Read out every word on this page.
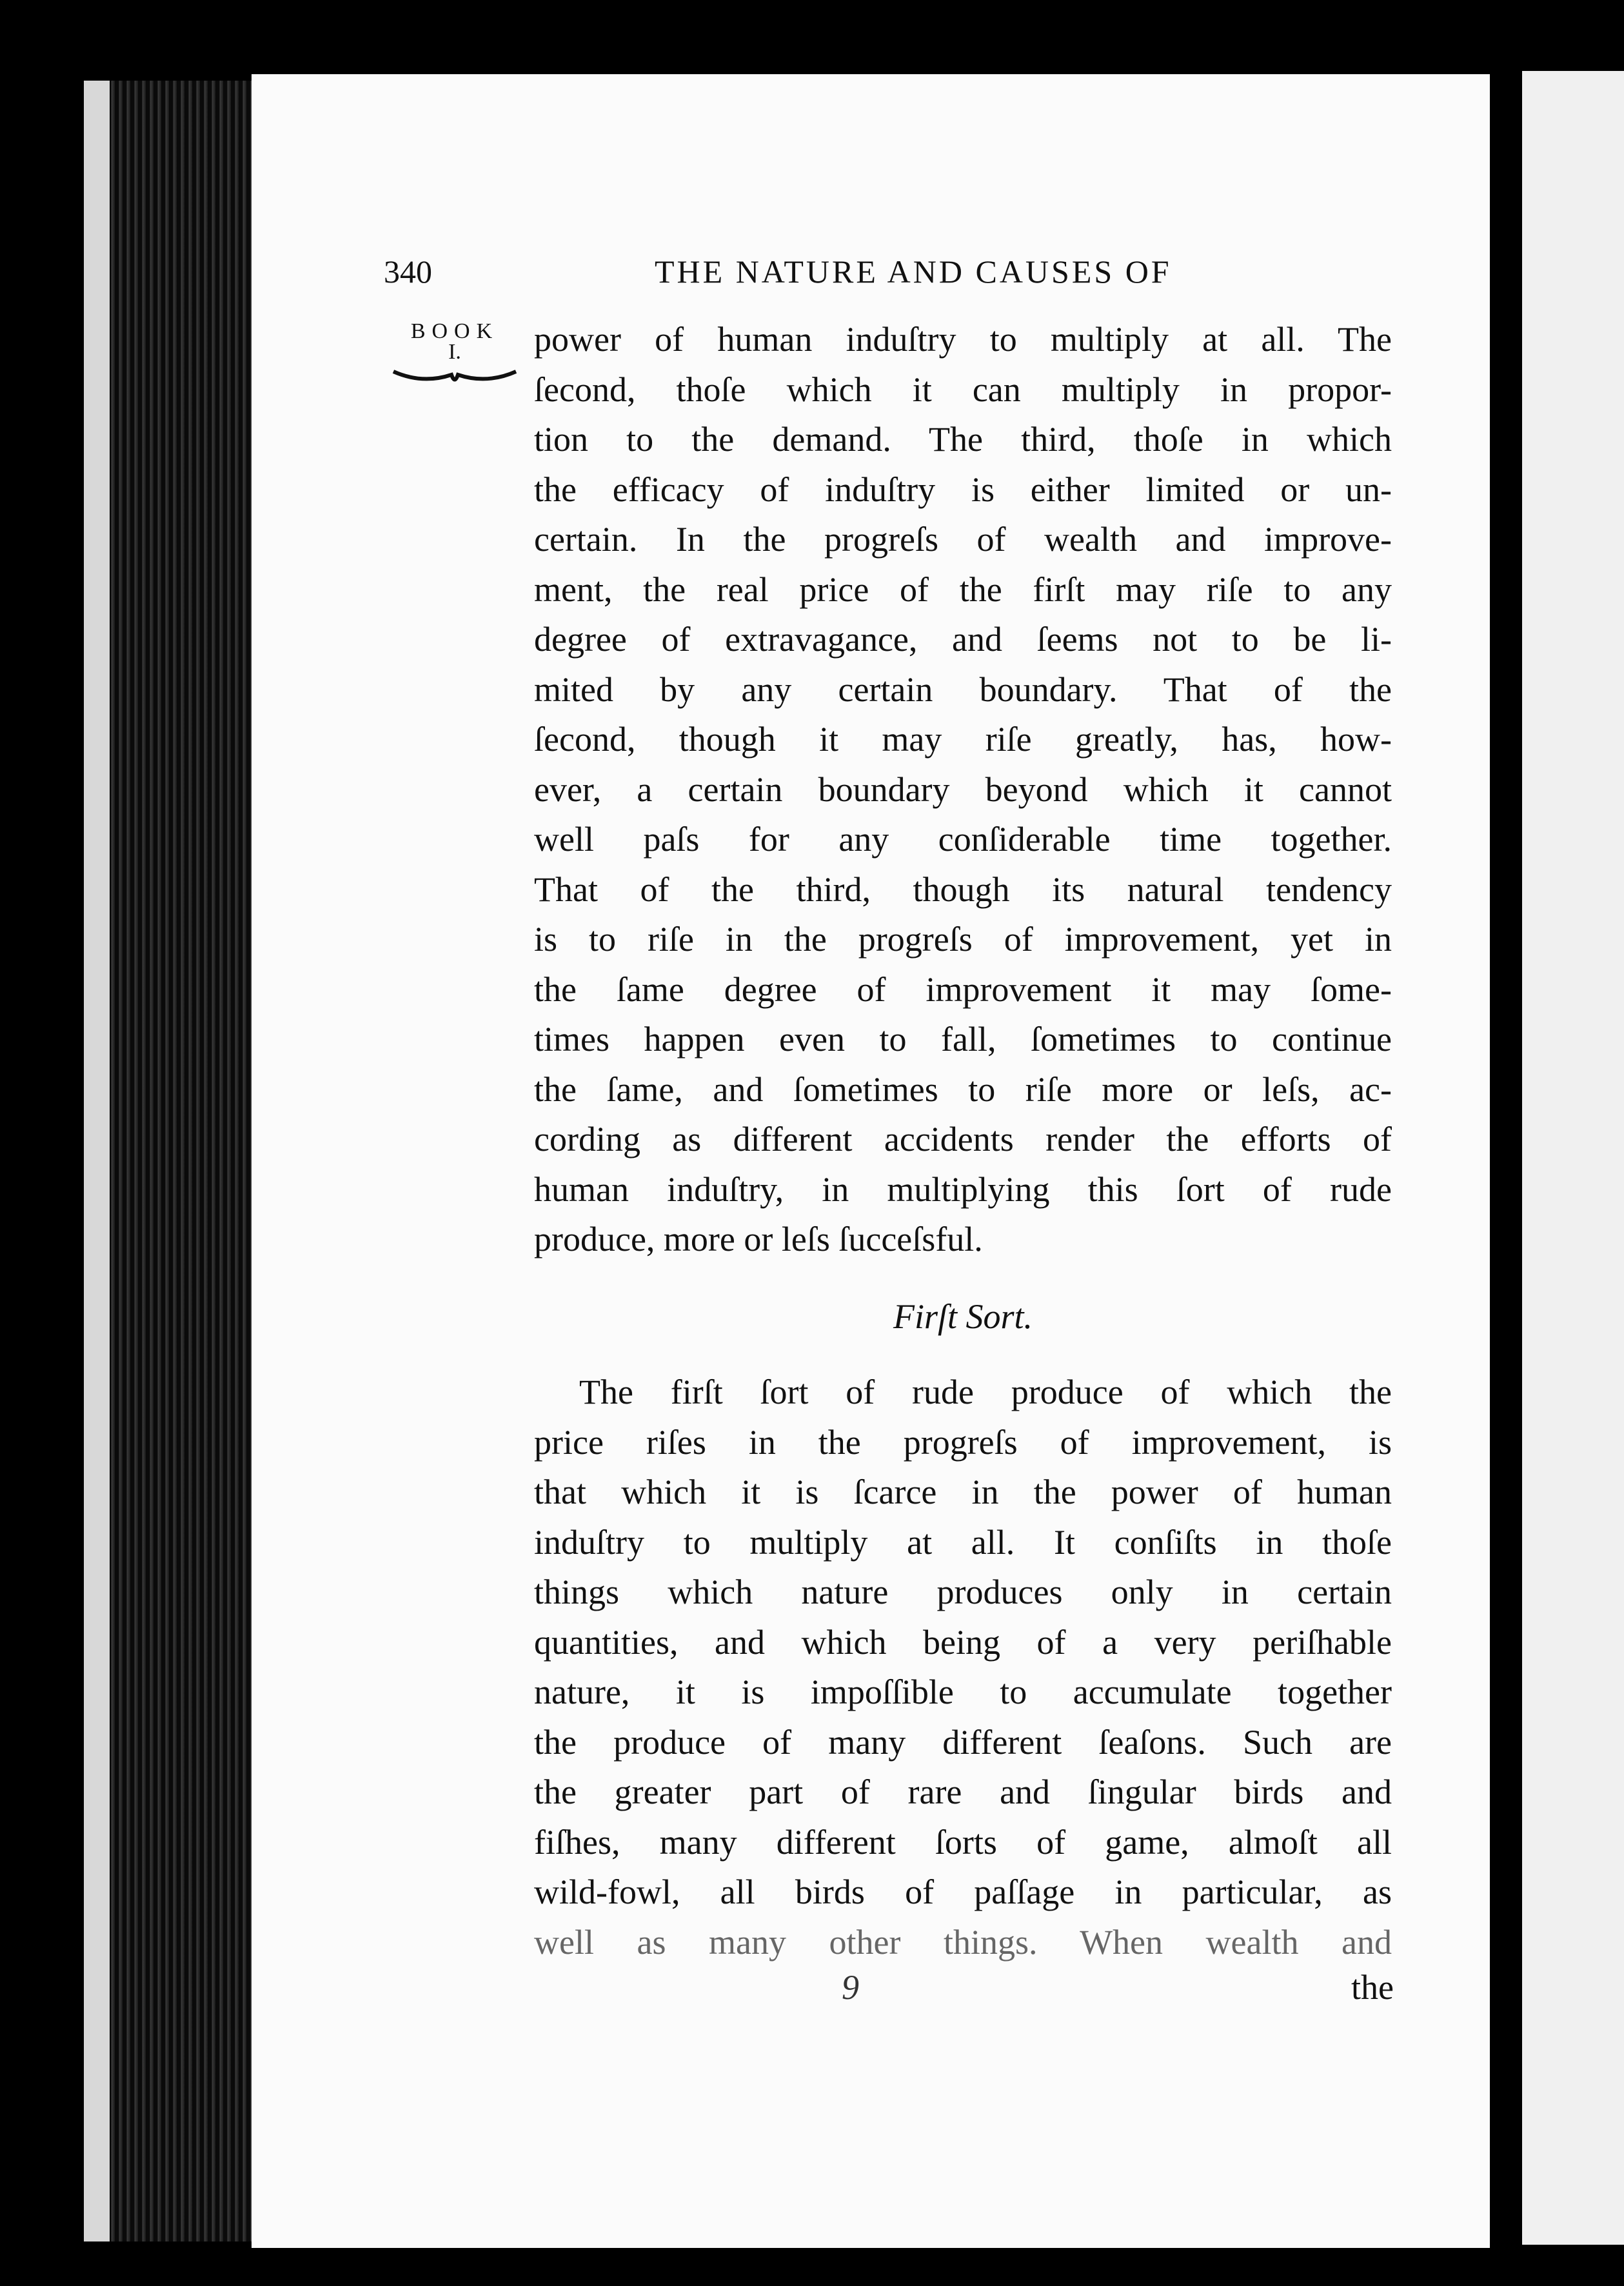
340	THE NATURE AND CAUSES OF
BOOK
I.	power of human induſtry to multiply at all. The
ſecond, thoſe which it can multiply in propor-
tion to the demand. The third, thoſe in which
the efficacy of induſtry is either limited or un-
certain. In the progreſs of wealth and improve-
ment, the real price of the firſt may riſe to any
degree of extravagance, and ſeems not to be li-
mited by any certain boundary. That of the
ſecond, though it may riſe greatly, has, how-
ever, a certain boundary beyond which it cannot
well paſs for any conſiderable time together.
That of the third, though its natural tendency
is to riſe in the progreſs of improvement, yet in
the ſame degree of improvement it may ſome-
times happen even to fall, ſometimes to continue
the ſame, and ſometimes to riſe more or leſs, ac-
cording as different accidents render the efforts of
human induſtry, in multiplying this ſort of rude
produce, more or leſs ſucceſsful.
Firſt Sort.
The firſt ſort of rude produce of which the
price riſes in the progreſs of improvement, is
that which it is ſcarce in the power of human
induſtry to multiply at all. It conſiſts in thoſe
things which nature produces only in certain
quantities, and which being of a very periſhable
nature, it is impoſſible to accumulate together
the produce of many different ſeaſons. Such are
the greater part of rare and ſingular birds and
fiſhes, many different ſorts of game, almoſt all
wild-fowl, all birds of paſſage in particular, as
well as many other things. When wealth and
9	the
